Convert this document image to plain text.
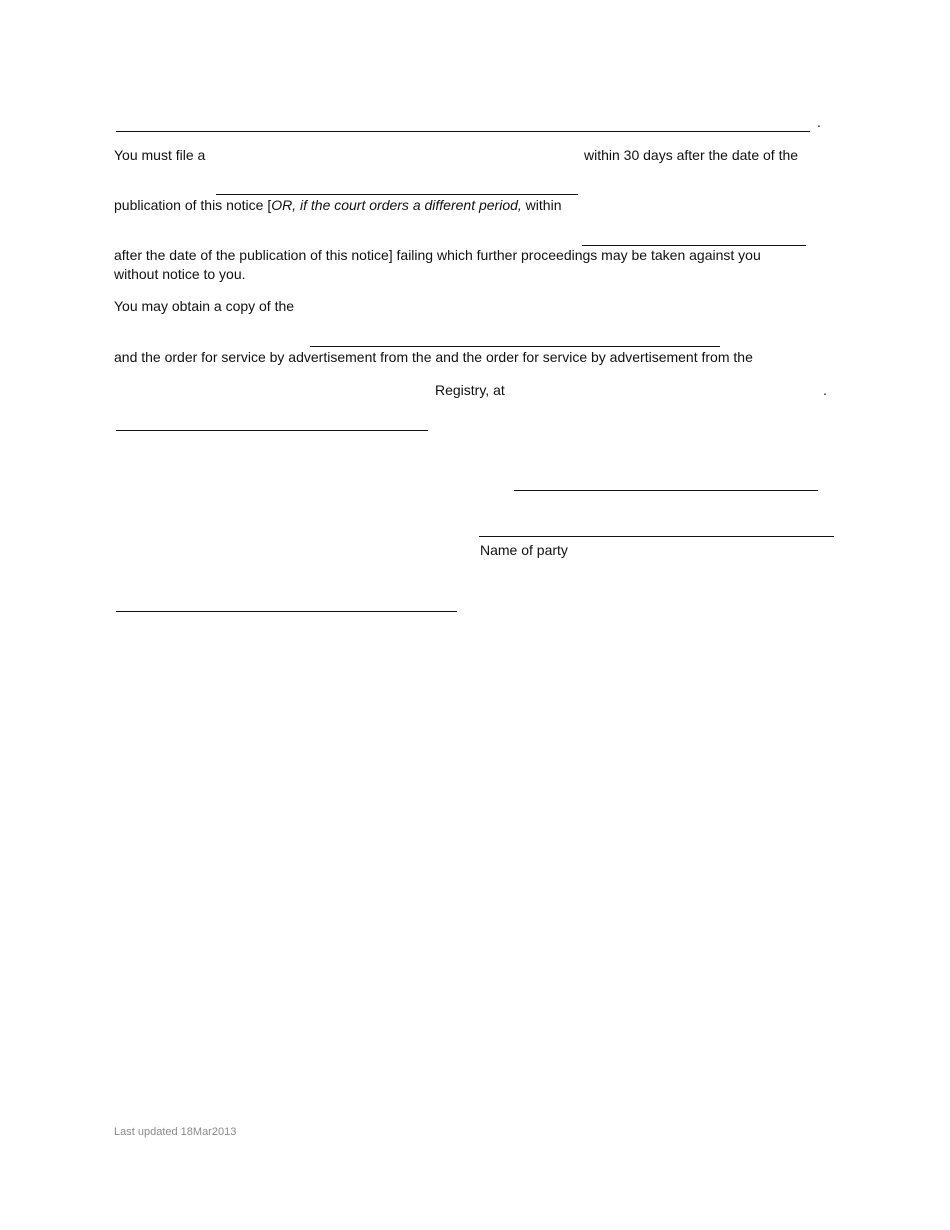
.
You must file a	within 30 days after the date of the
publication of this notice [OR, if the court orders a different period, within
after the date of the publication of this notice] failing which further proceedings may be taken against you
without notice to you.
You may obtain a copy of the
and the order for service by advertisement from the and the order for service by advertisement from the
Registry, at	.
Name of party
Last updated 18Mar2013
